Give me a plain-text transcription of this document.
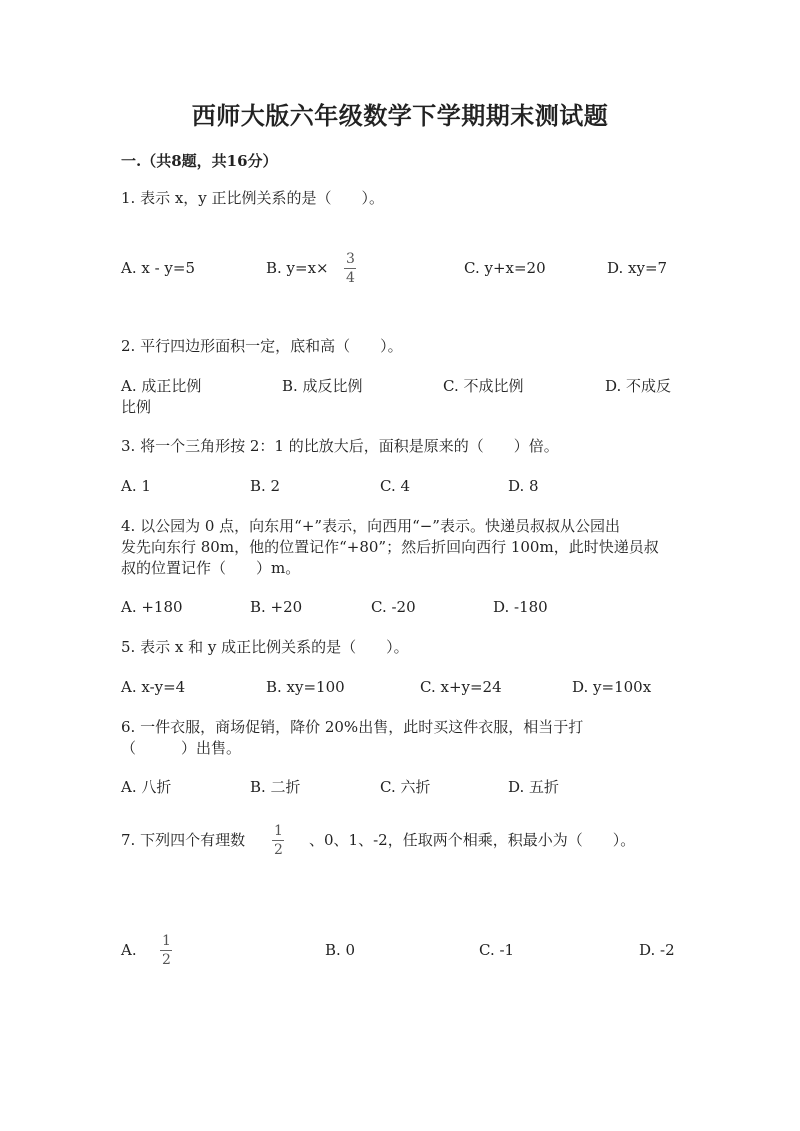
西师大版六年级数学下学期期末测试题
一.（共8题，共16分）
1. 表示 x，y 正比例关系的是（　　）。
A. x - y=5	B. y=x× 3
4
C. y+x=20	D. xy=7
2. 平行四边形面积一定，底和高（　　）。
A. 成正比例	B. 成反比例	C. 不成比例	D. 不成反
比例
3. 将一个三角形按 2：1 的比放大后，面积是原来的（　　）倍。
A. 1	B. 2	C. 4	D. 8
4. 以公园为 0 点，向东用“+”表示，向西用“−”表示。快递员叔叔从公园出
发先向东行 80m，他的位置记作“+80”；然后折回向西行 100m，此时快递员叔
叔的位置记作（　　）m。
A. +180	B. +20	C. -20	D. -180
5. 表示 x 和 y 成正比例关系的是（　　）。
A. x-y=4	B. xy=100	C. x+y=24	D. y=100x
6. 一件衣服，商场促销，降价 20%出售，此时买这件衣服，相当于打
（　　　）出售。
A. 八折	B. 二折	C. 六折	D. 五折
7. 下列四个有理数 1
2
、0、1、-2，任取两个相乘，积最小为（　　）。
A. 1
2
B. 0	C. -1	D. -2
